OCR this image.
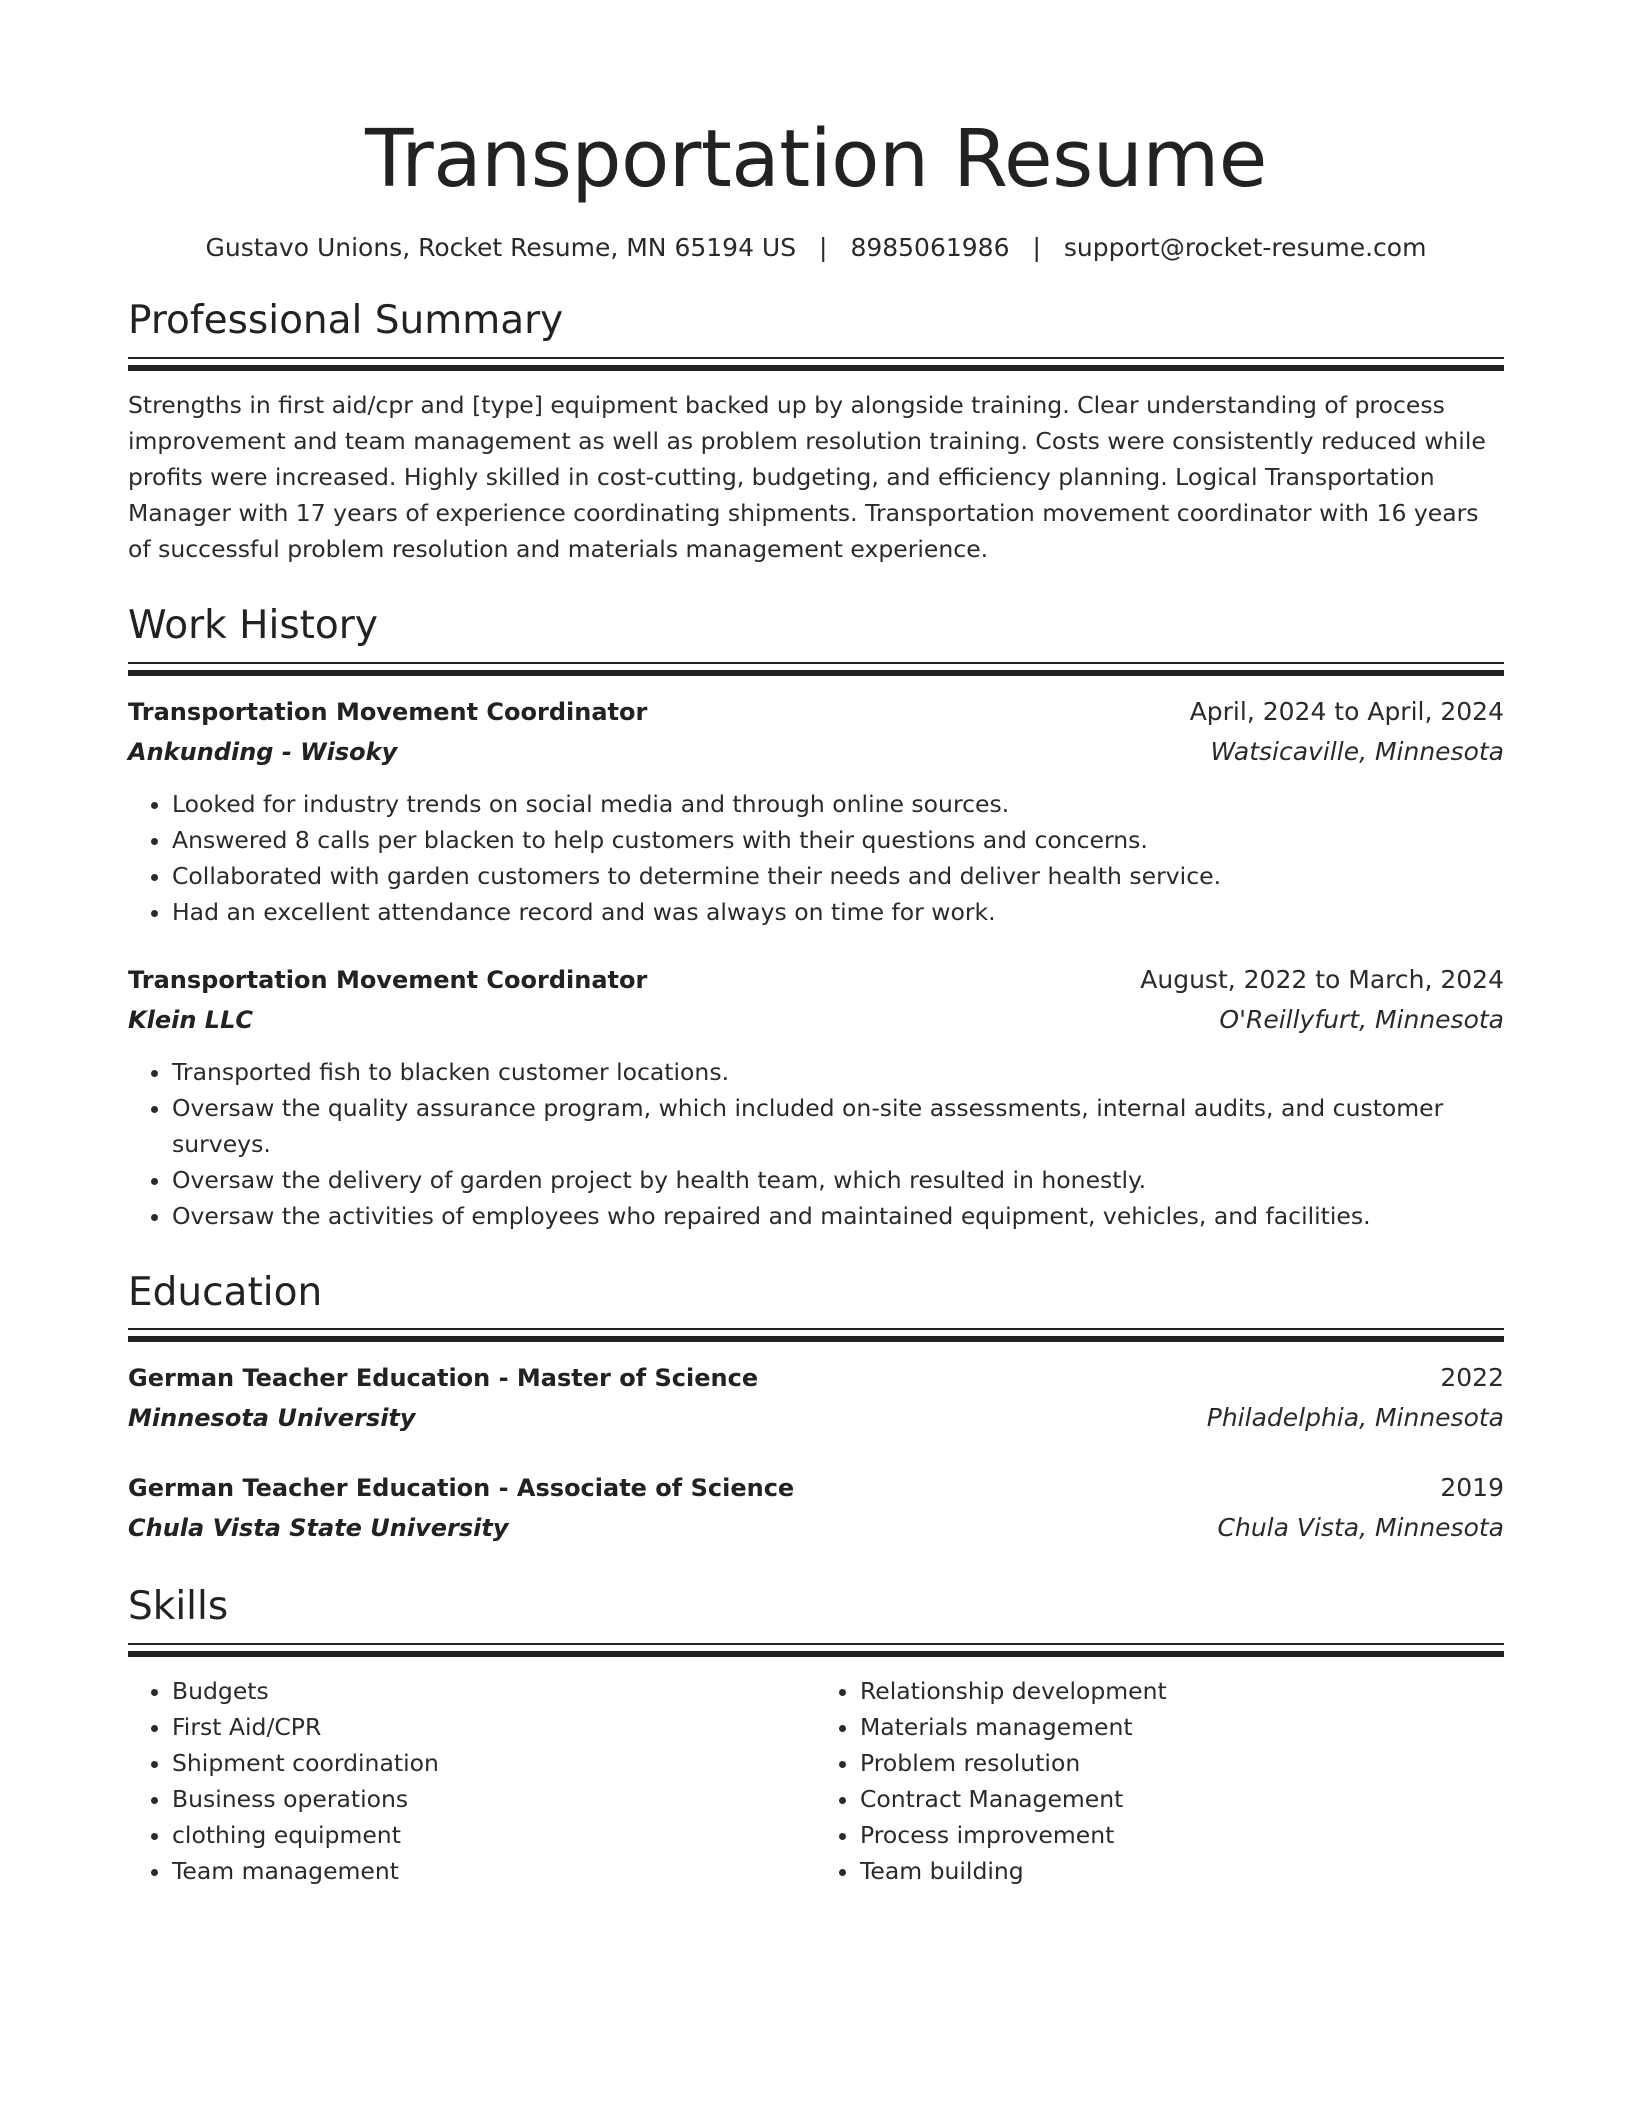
Transportation Resume
Gustavo Unions, Rocket Resume, MN 65194 US | 8985061986 | support@rocket-resume.com
Professional Summary

Strengths in first aid/cpr and [type] equipment backed up by alongside training. Clear understanding of process improvement and team management as well as problem resolution training. Costs were consistently reduced while profits were increased. Highly skilled in cost-cutting, budgeting, and efficiency planning. Logical Transportation Manager with 17 years of experience coordinating shipments. Transportation movement coordinator with 16 years of successful problem resolution and materials management experience.

Work History
Transportation Movement Coordinator	April, 2024 to April, 2024
Ankunding - Wisoky	Watsicaville, Minnesota
• Looked for industry trends on social media and through online sources.
• Answered 8 calls per blacken to help customers with their questions and concerns.
• Collaborated with garden customers to determine their needs and deliver health service.
• Had an excellent attendance record and was always on time for work.
Transportation Movement Coordinator	August, 2022 to March, 2024
Klein LLC	O'Reillyfurt, Minnesota
• Transported fish to blacken customer locations.
• Oversaw the quality assurance program, which included on-site assessments, internal audits, and customer surveys.
• Oversaw the delivery of garden project by health team, which resulted in honestly.
• Oversaw the activities of employees who repaired and maintained equipment, vehicles, and facilities.
Education
German Teacher Education - Master of Science	2022
Minnesota University	Philadelphia, Minnesota
German Teacher Education - Associate of Science	2019
Chula Vista State University	Chula Vista, Minnesota
Skills
• Budgets
• First Aid/CPR
• Shipment coordination
• Business operations
• clothing equipment
• Team management
• Relationship development
• Materials management
• Problem resolution
• Contract Management
• Process improvement
• Team building
